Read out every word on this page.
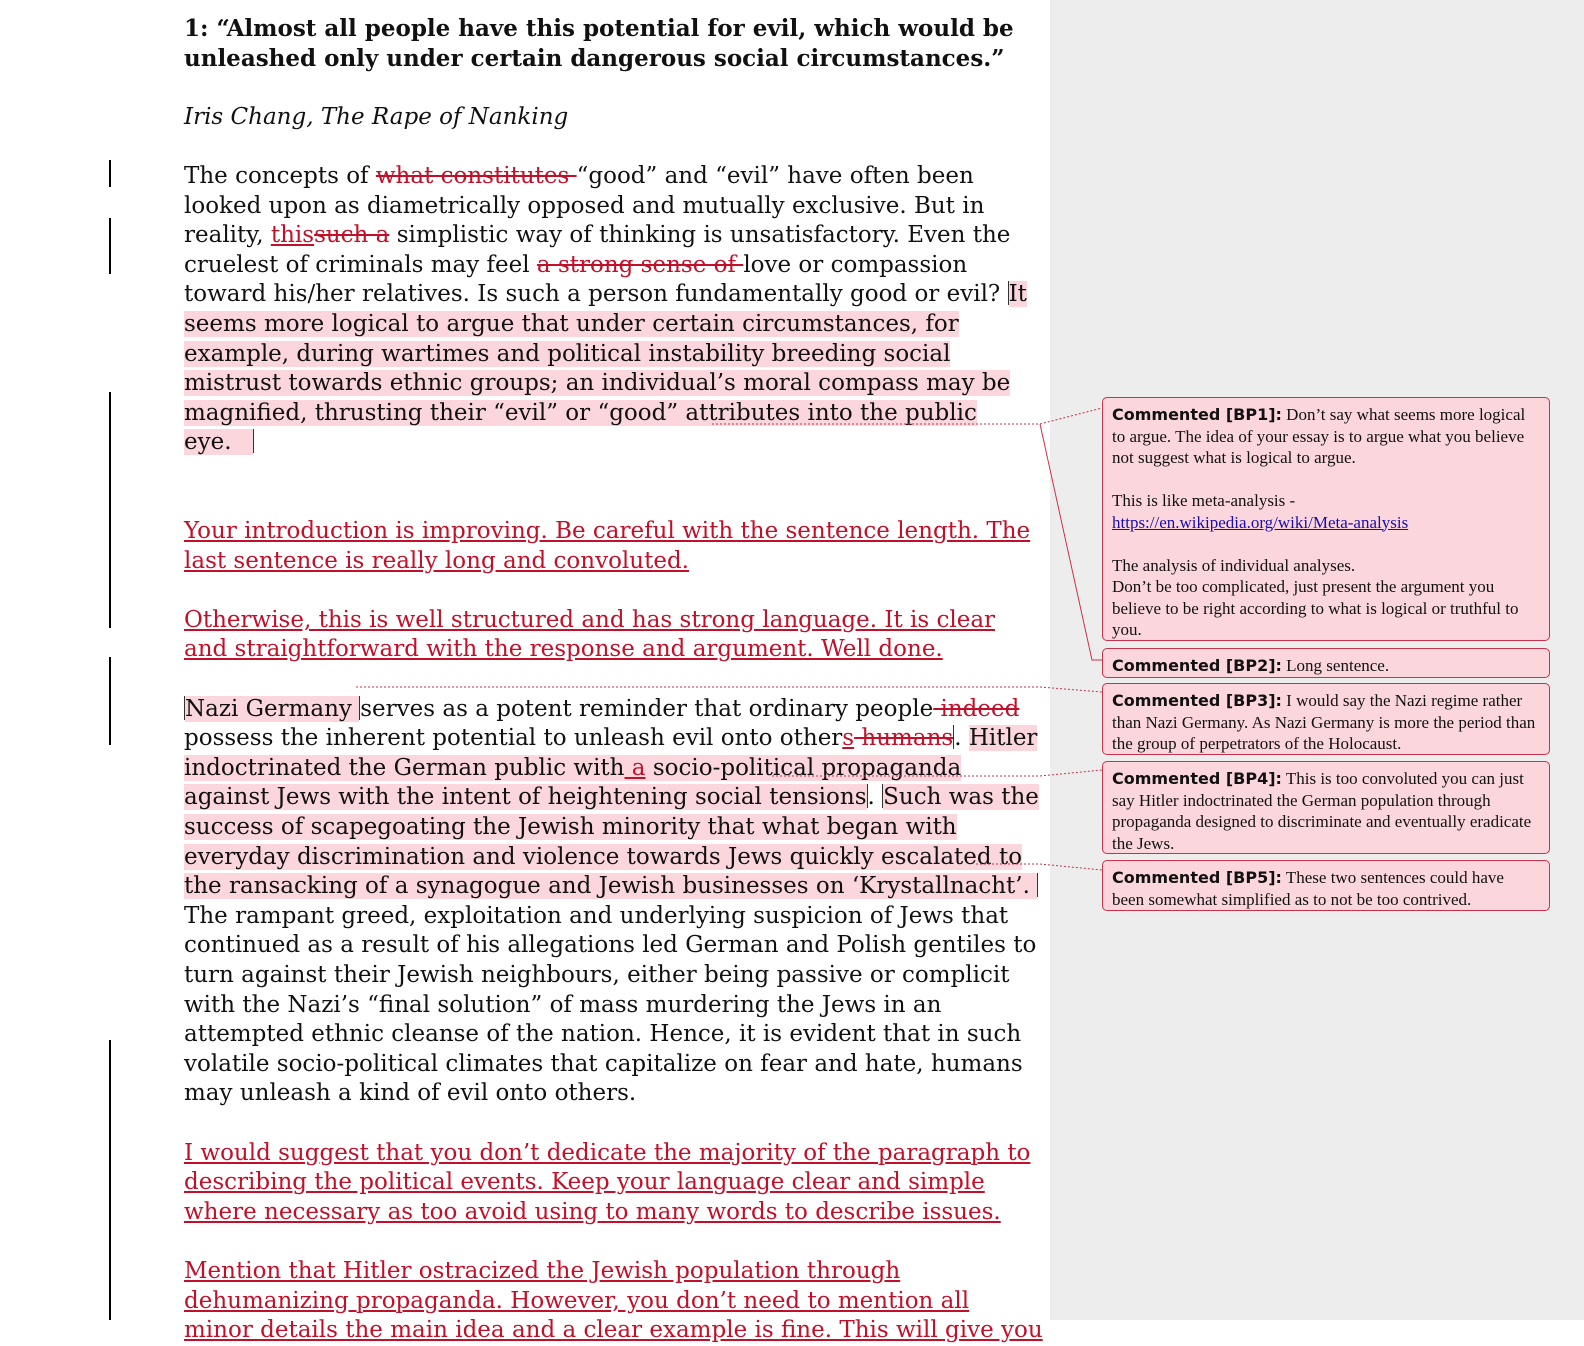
1: “Almost all people have this potential for evil, which would be
unleashed only under certain dangerous social circumstances.”

Iris Chang, The Rape of Nanking

The concepts of what constitutes “good” and “evil” have often been looked upon as diametrically opposed and mutually exclusive. But in reality, thissuch a simplistic way of thinking is unsatisfactory. Even the cruelest of criminals may feel a strong sense of love or compassion toward his/her relatives. Is such a person fundamentally good or evil? It seems more logical to argue that under certain circumstances, for example, during wartimes and political instability breeding social mistrust towards ethnic groups; an individual’s moral compass may be magnified, thrusting their “evil” or “good” attributes into the public eye.

Your introduction is improving. Be careful with the sentence length. The last sentence is really long and convoluted.

Otherwise, this is well structured and has strong language. It is clear and straightforward with the response and argument. Well done.

Nazi Germany serves as a potent reminder that ordinary people indeed possess the inherent potential to unleash evil onto others humans. Hitler indoctrinated the German public with a socio-political propaganda against Jews with the intent of heightening social tensions. Such was the success of scapegoating the Jewish minority that what began with everyday discrimination and violence towards Jews quickly escalated to the ransacking of a synagogue and Jewish businesses on ‘Krystallnacht’.  The rampant greed, exploitation and underlying suspicion of Jews that continued as a result of his allegations led German and Polish gentiles to turn against their Jewish neighbours, either being passive or complicit with the Nazi’s “final solution” of mass murdering the Jews in an attempted ethnic cleanse of the nation. Hence, it is evident that in such volatile socio-political climates that capitalize on fear and hate, humans may unleash a kind of evil onto others.

I would suggest that you don’t dedicate the majority of the paragraph to describing the political events. Keep your language clear and simple where necessary as too avoid using to many words to describe issues.

Mention that Hitler ostracized the Jewish population through dehumanizing propaganda. However, you don’t need to mention all minor details the main idea and a clear example is fine. This will give you

Commented [BP1]: Don’t say what seems more logical to argue. The idea of your essay is to argue what you believe not suggest what is logical to argue.

This is like meta-analysis -

https://en.wikipedia.org/wiki/Meta-analysis

The analysis of individual analyses.

Don’t be too complicated, just present the argument you believe to be right according to what is logical or truthful to you.

Commented [BP2]: Long sentence.

Commented [BP3]: I would say the Nazi regime rather than Nazi Germany. As Nazi Germany is more the period than the group of perpetrators of the Holocaust.

Commented [BP4]: This is too convoluted you can just say Hitler indoctrinated the German population through propaganda designed to discriminate and eventually eradicate the Jews.

Commented [BP5]: These two sentences could have been somewhat simplified as to not be too contrived.
